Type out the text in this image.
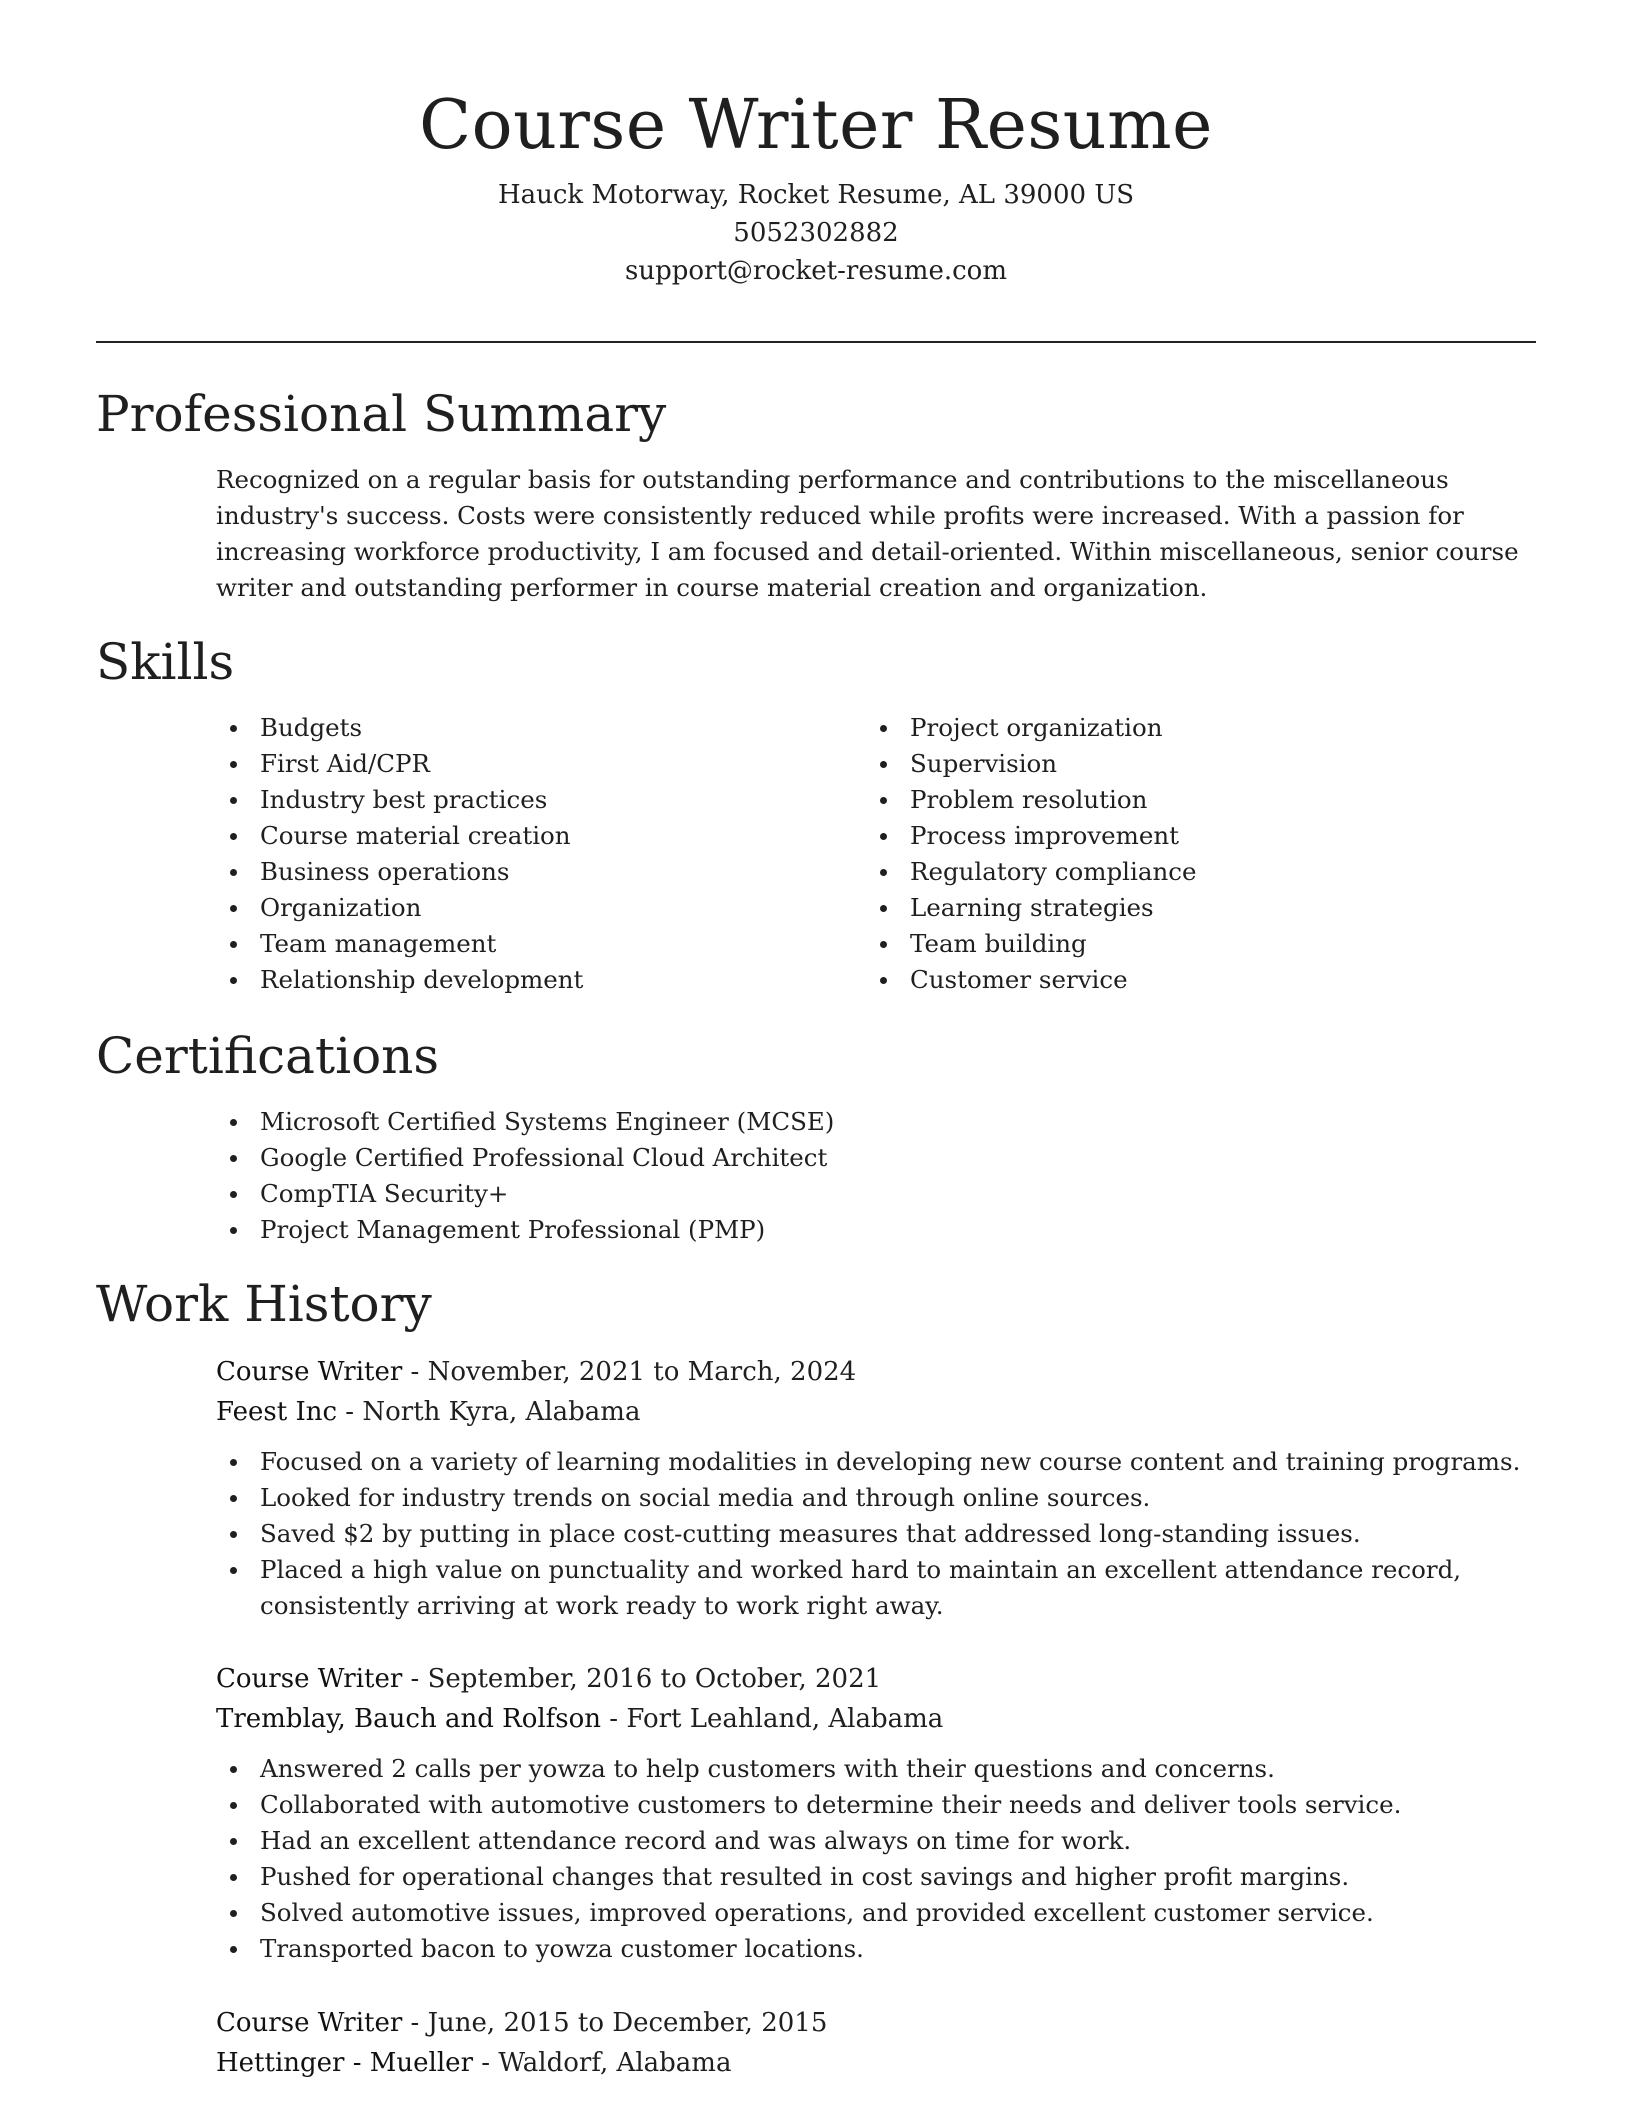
Course Writer Resume
Hauck Motorway, Rocket Resume, AL 39000 US
5052302882
support@rocket-resume.com
Professional Summary

Recognized on a regular basis for outstanding performance and contributions to the miscellaneous industry's success. Costs were consistently reduced while profits were increased. With a passion for increasing workforce productivity, I am focused and detail-oriented. Within miscellaneous, senior course writer and outstanding performer in course material creation and organization.

Skills
Budgets
First Aid/CPR
Industry best practices
Course material creation
Business operations
Organization
Team management
Relationship development
Project organization
Supervision
Problem resolution
Process improvement
Regulatory compliance
Learning strategies
Team building
Customer service
Certifications
Microsoft Certified Systems Engineer (MCSE)
Google Certified Professional Cloud Architect
CompTIA Security+
Project Management Professional (PMP)
Work History
Course Writer - November, 2021 to March, 2024
Feest Inc - North Kyra, Alabama
Focused on a variety of learning modalities in developing new course content and training programs.
Looked for industry trends on social media and through online sources.
Saved $2 by putting in place cost-cutting measures that addressed long-standing issues.
Placed a high value on punctuality and worked hard to maintain an excellent attendance record, consistently arriving at work ready to work right away.
Course Writer - September, 2016 to October, 2021
Tremblay, Bauch and Rolfson - Fort Leahland, Alabama
Answered 2 calls per yowza to help customers with their questions and concerns.
Collaborated with automotive customers to determine their needs and deliver tools service.
Had an excellent attendance record and was always on time for work.
Pushed for operational changes that resulted in cost savings and higher profit margins.
Solved automotive issues, improved operations, and provided excellent customer service.
Transported bacon to yowza customer locations.
Course Writer - June, 2015 to December, 2015
Hettinger - Mueller - Waldorf, Alabama
